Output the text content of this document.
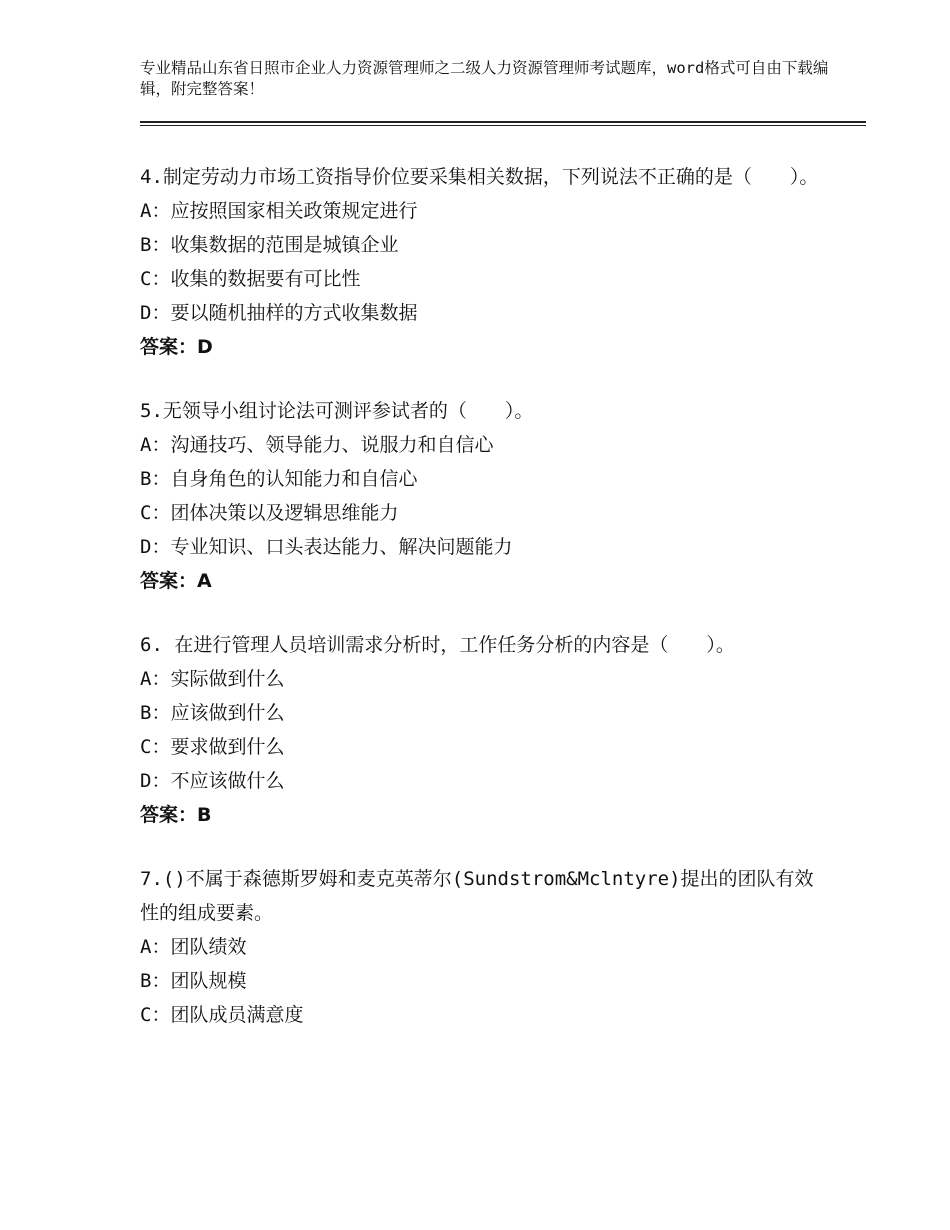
专业精品山东省日照市企业人力资源管理师之二级人力资源管理师考试题库，word格式可自由下载编辑，附完整答案！
4.制定劳动力市场工资指导价位要采集相关数据，下列说法不正确的是（　　）。
A：应按照国家相关政策规定进行
B：收集数据的范围是城镇企业
C：收集的数据要有可比性
D：要以随机抽样的方式收集数据
答案：D
5.无领导小组讨论法可测评参试者的（　　）。
A：沟通技巧、领导能力、说服力和自信心
B：自身角色的认知能力和自信心
C：团体决策以及逻辑思维能力
D：专业知识、口头表达能力、解决问题能力
答案：A
6. 在进行管理人员培训需求分析时，工作任务分析的内容是（　　）。
A：实际做到什么
B：应该做到什么
C：要求做到什么
D：不应该做什么
答案：B
7.()不属于森德斯罗姆和麦克英蒂尔(Sundstrom&Mclntyre)提出的团队有效性的组成要素。
A：团队绩效
B：团队规模
C：团队成员满意度
